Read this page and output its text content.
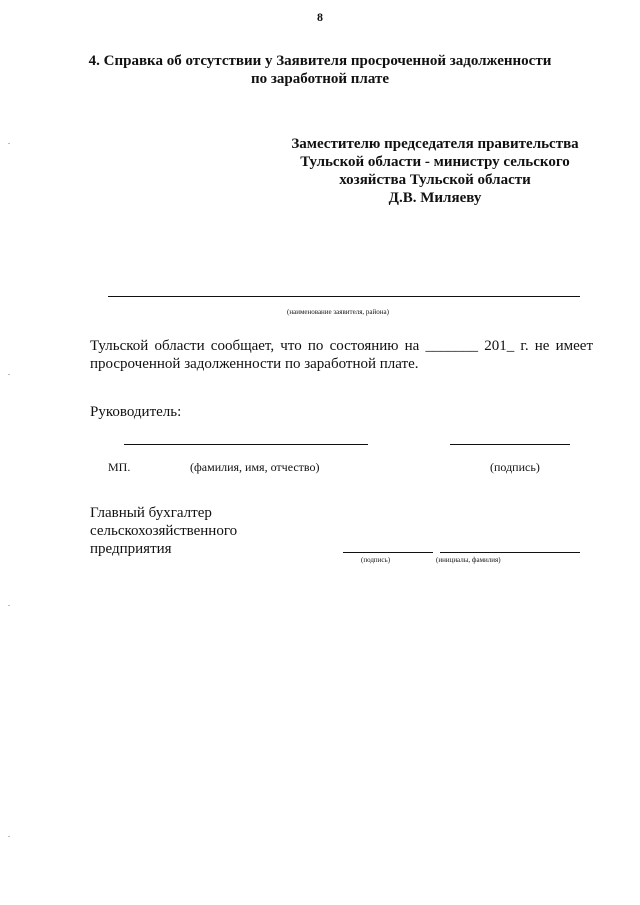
8
4. Справка об отсутствии у Заявителя просроченной задолженности
по заработной плате
Заместителю председателя правительства
Тульской области - министру сельского
хозяйства Тульской области
Д.В. Миляеву
(наименование заявителя, района)
Тульской области сообщает, что по состоянию на _______ 201_ г. не имеет
просроченной задолженности по заработной плате.
Руководитель:
МП.	(фамилия, имя, отчество)	(подпись)
Главный бухгалтер
сельскохозяйственного
предприятия
(подпись)	(инициалы, фамилия)
